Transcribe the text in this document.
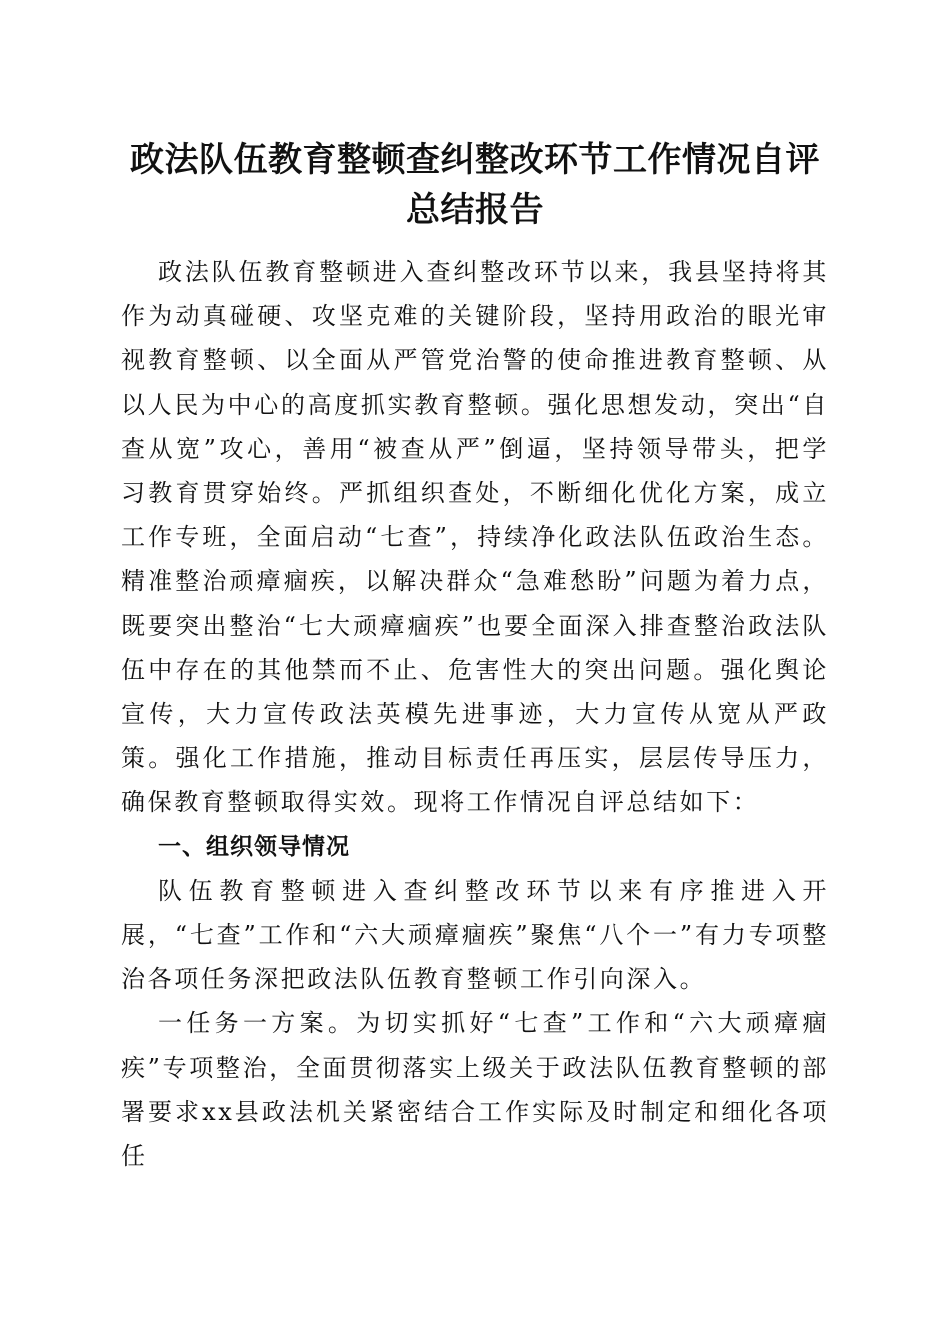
政法队伍教育整顿查纠整改环节工作情况自评
总结报告

政法队伍教育整顿进入查纠整改环节以来，我县坚持将其作为动真碰硬、攻坚克难的关键阶段，坚持用政治的眼光审视教育整顿、以全面从严管党治警的使命推进教育整顿、从以人民为中心的高度抓实教育整顿。强化思想发动，突出“自查从宽”攻心，善用“被查从严”倒逼，坚持领导带头，把学习教育贯穿始终。严抓组织查处，不断细化优化方案，成立工作专班，全面启动“七查”，持续净化政法队伍政治生态。精准整治顽瘴痼疾，以解决群众“急难愁盼”问题为着力点，既要突出整治“七大顽瘴痼疾”也要全面深入排查整治政法队伍中存在的其他禁而不止、危害性大的突出问题。强化舆论宣传，大力宣传政法英模先进事迹，大力宣传从宽从严政策。强化工作措施，推动目标责任再压实，层层传导压力，确保教育整顿取得实效。现将工作情况自评总结如下：

一、组织领导情况

队伍教育整顿进入查纠整改环节以来有序推进入开展，“七查”工作和“六大顽瘴痼疾”聚焦“八个一”有力专项整治各项任务深把政法队伍教育整顿工作引向深入。

一任务一方案。为切实抓好“七查”工作和“六大顽瘴痼疾”专项整治，全面贯彻落实上级关于政法队伍教育整顿的部署要求xx县政法机关紧密结合工作实际及时制定和细化各项任
